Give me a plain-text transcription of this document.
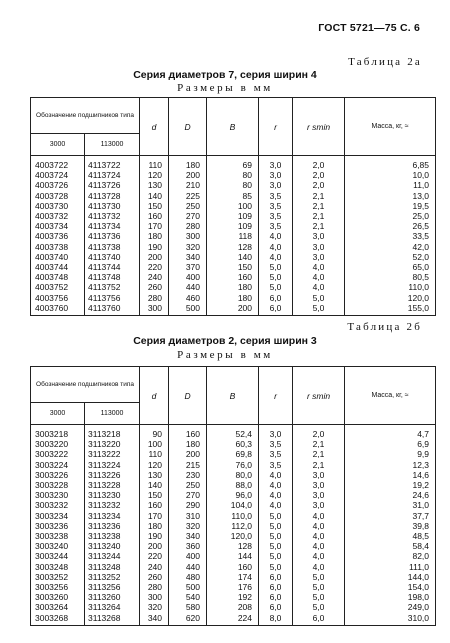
ГОСТ 5721—75 С. 6
Таблица 2а
Серия диаметров 7, серия ширин 4
Размеры в мм
Обозначение подшипников типа		d	D	B	r	r smin	Масса, кг, ≈
3000	113000						
4003722	4113722	110	180	69	3,0	2,0	6,85
4003724	4113724	120	200	80	3,0	2,0	10,0
4003726	4113726	130	210	80	3,0	2,0	11,0
4003728	4113728	140	225	85	3,5	2,1	13,0
4003730	4113730	150	250	100	3,5	2,1	19,5
4003732	4113732	160	270	109	3,5	2,1	25,0
4003734	4113734	170	280	109	3,5	2,1	26,5
4003736	4113736	180	300	118	4,0	3,0	33,5
4003738	4113738	190	320	128	4,0	3,0	42,0
4003740	4113740	200	340	140	4,0	3,0	52,0
4003744	4113744	220	370	150	5,0	4,0	65,0
4003748	4113748	240	400	160	5,0	4,0	80,5
4003752	4113752	260	440	180	5,0	4,0	110,0
4003756	4113756	280	460	180	6,0	5,0	120,0
4003760	4113760	300	500	200	6,0	5,0	155,0
Таблица 2б
Серия диаметров 2, серия ширин 3
Размеры в мм
Обозначение подшипников типа		d	D	B	r	r smin	Масса, кг, ≈
3000	113000						
3003218	3113218	90	160	52,4	3,0	2,0	4,7
3003220	3113220	100	180	60,3	3,5	2,1	6,9
3003222	3113222	110	200	69,8	3,5	2,1	9,9
3003224	3113224	120	215	76,0	3,5	2,1	12,3
3003226	3113226	130	230	80,0	4,0	3,0	14,6
3003228	3113228	140	250	88,0	4,0	3,0	19,2
3003230	3113230	150	270	96,0	4,0	3,0	24,6
3003232	3113232	160	290	104,0	4,0	3,0	31,0
3003234	3113234	170	310	110,0	5,0	4,0	37,7
3003236	3113236	180	320	112,0	5,0	4,0	39,8
3003238	3113238	190	340	120,0	5,0	4,0	48,5
3003240	3113240	200	360	128	5,0	4,0	58,4
3003244	3113244	220	400	144	5,0	4,0	82,0
3003248	3113248	240	440	160	5,0	4,0	111,0
3003252	3113252	260	480	174	6,0	5,0	144,0
3003256	3113256	280	500	176	6,0	5,0	154,0
3003260	3113260	300	540	192	6,0	5,0	198,0
3003264	3113264	320	580	208	6,0	5,0	249,0
3003268	3113268	340	620	224	8,0	6,0	310,0
